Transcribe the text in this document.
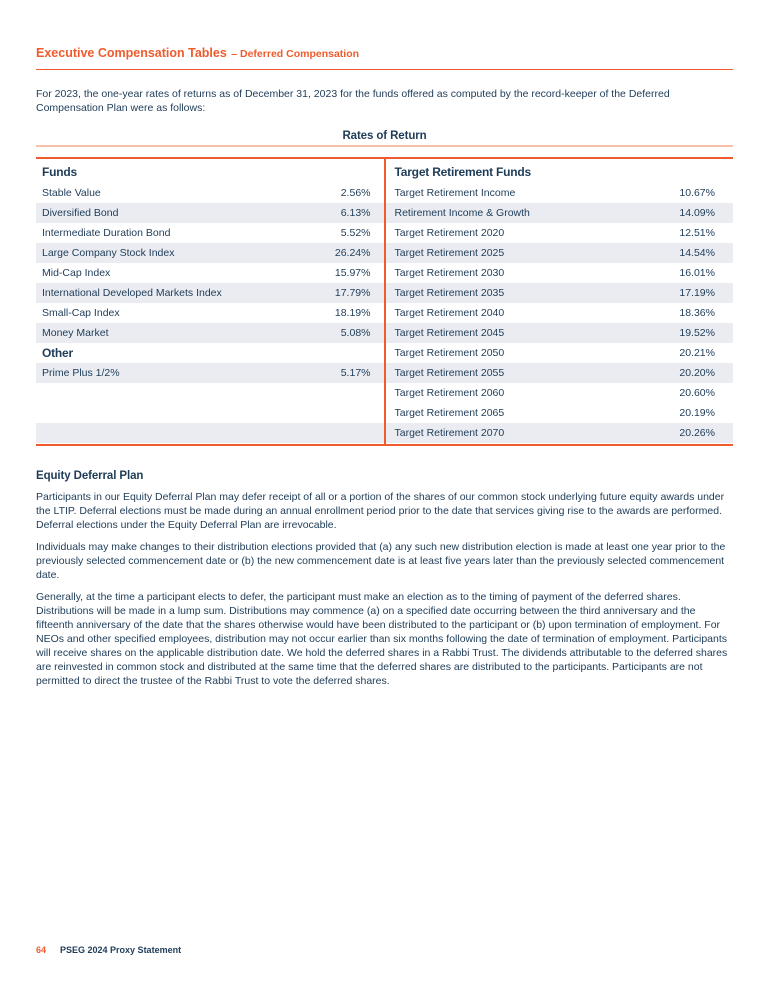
Executive Compensation Tables – Deferred Compensation

For 2023, the one-year rates of returns as of December 31, 2023 for the funds offered as computed by the record-keeper of the Deferred Compensation Plan were as follows:

Rates of Return
Funds
Stable Value	2.56%
Diversified Bond	6.13%
Intermediate Duration Bond	5.52%
Large Company Stock Index	26.24%
Mid-Cap Index	15.97%
International Developed Markets Index	17.79%
Small-Cap Index	18.19%
Money Market	5.08%
Other
Prime Plus 1/2%	5.17%
Target Retirement Funds
Target Retirement Income	10.67%
Retirement Income & Growth	14.09%
Target Retirement 2020	12.51%
Target Retirement 2025	14.54%
Target Retirement 2030	16.01%
Target Retirement 2035	17.19%
Target Retirement 2040	18.36%
Target Retirement 2045	19.52%
Target Retirement 2050	20.21%
Target Retirement 2055	20.20%
Target Retirement 2060	20.60%
Target Retirement 2065	20.19%
Target Retirement 2070	20.26%
Equity Deferral Plan

Participants in our Equity Deferral Plan may defer receipt of all or a portion of the shares of our common stock underlying future equity awards under the LTIP. Deferral elections must be made during an annual enrollment period prior to the date that services giving rise to the awards are performed. Deferral elections under the Equity Deferral Plan are irrevocable.

Individuals may make changes to their distribution elections provided that (a) any such new distribution election is made at least one year prior to the previously selected commencement date or (b) the new commencement date is at least five years later than the previously selected commencement date.

Generally, at the time a participant elects to defer, the participant must make an election as to the timing of payment of the deferred shares. Distributions will be made in a lump sum. Distributions may commence (a) on a specified date occurring between the third anniversary and the fifteenth anniversary of the date that the shares otherwise would have been distributed to the participant or (b) upon termination of employment. For NEOs and other specified employees, distribution may not occur earlier than six months following the date of termination of employment. Participants will receive shares on the applicable distribution date. We hold the deferred shares in a Rabbi Trust. The dividends attributable to the deferred shares are reinvested in common stock and distributed at the same time that the deferred shares are distributed to the participants. Participants are not permitted to direct the trustee of the Rabbi Trust to vote the deferred shares.

64 PSEG 2024 Proxy Statement
